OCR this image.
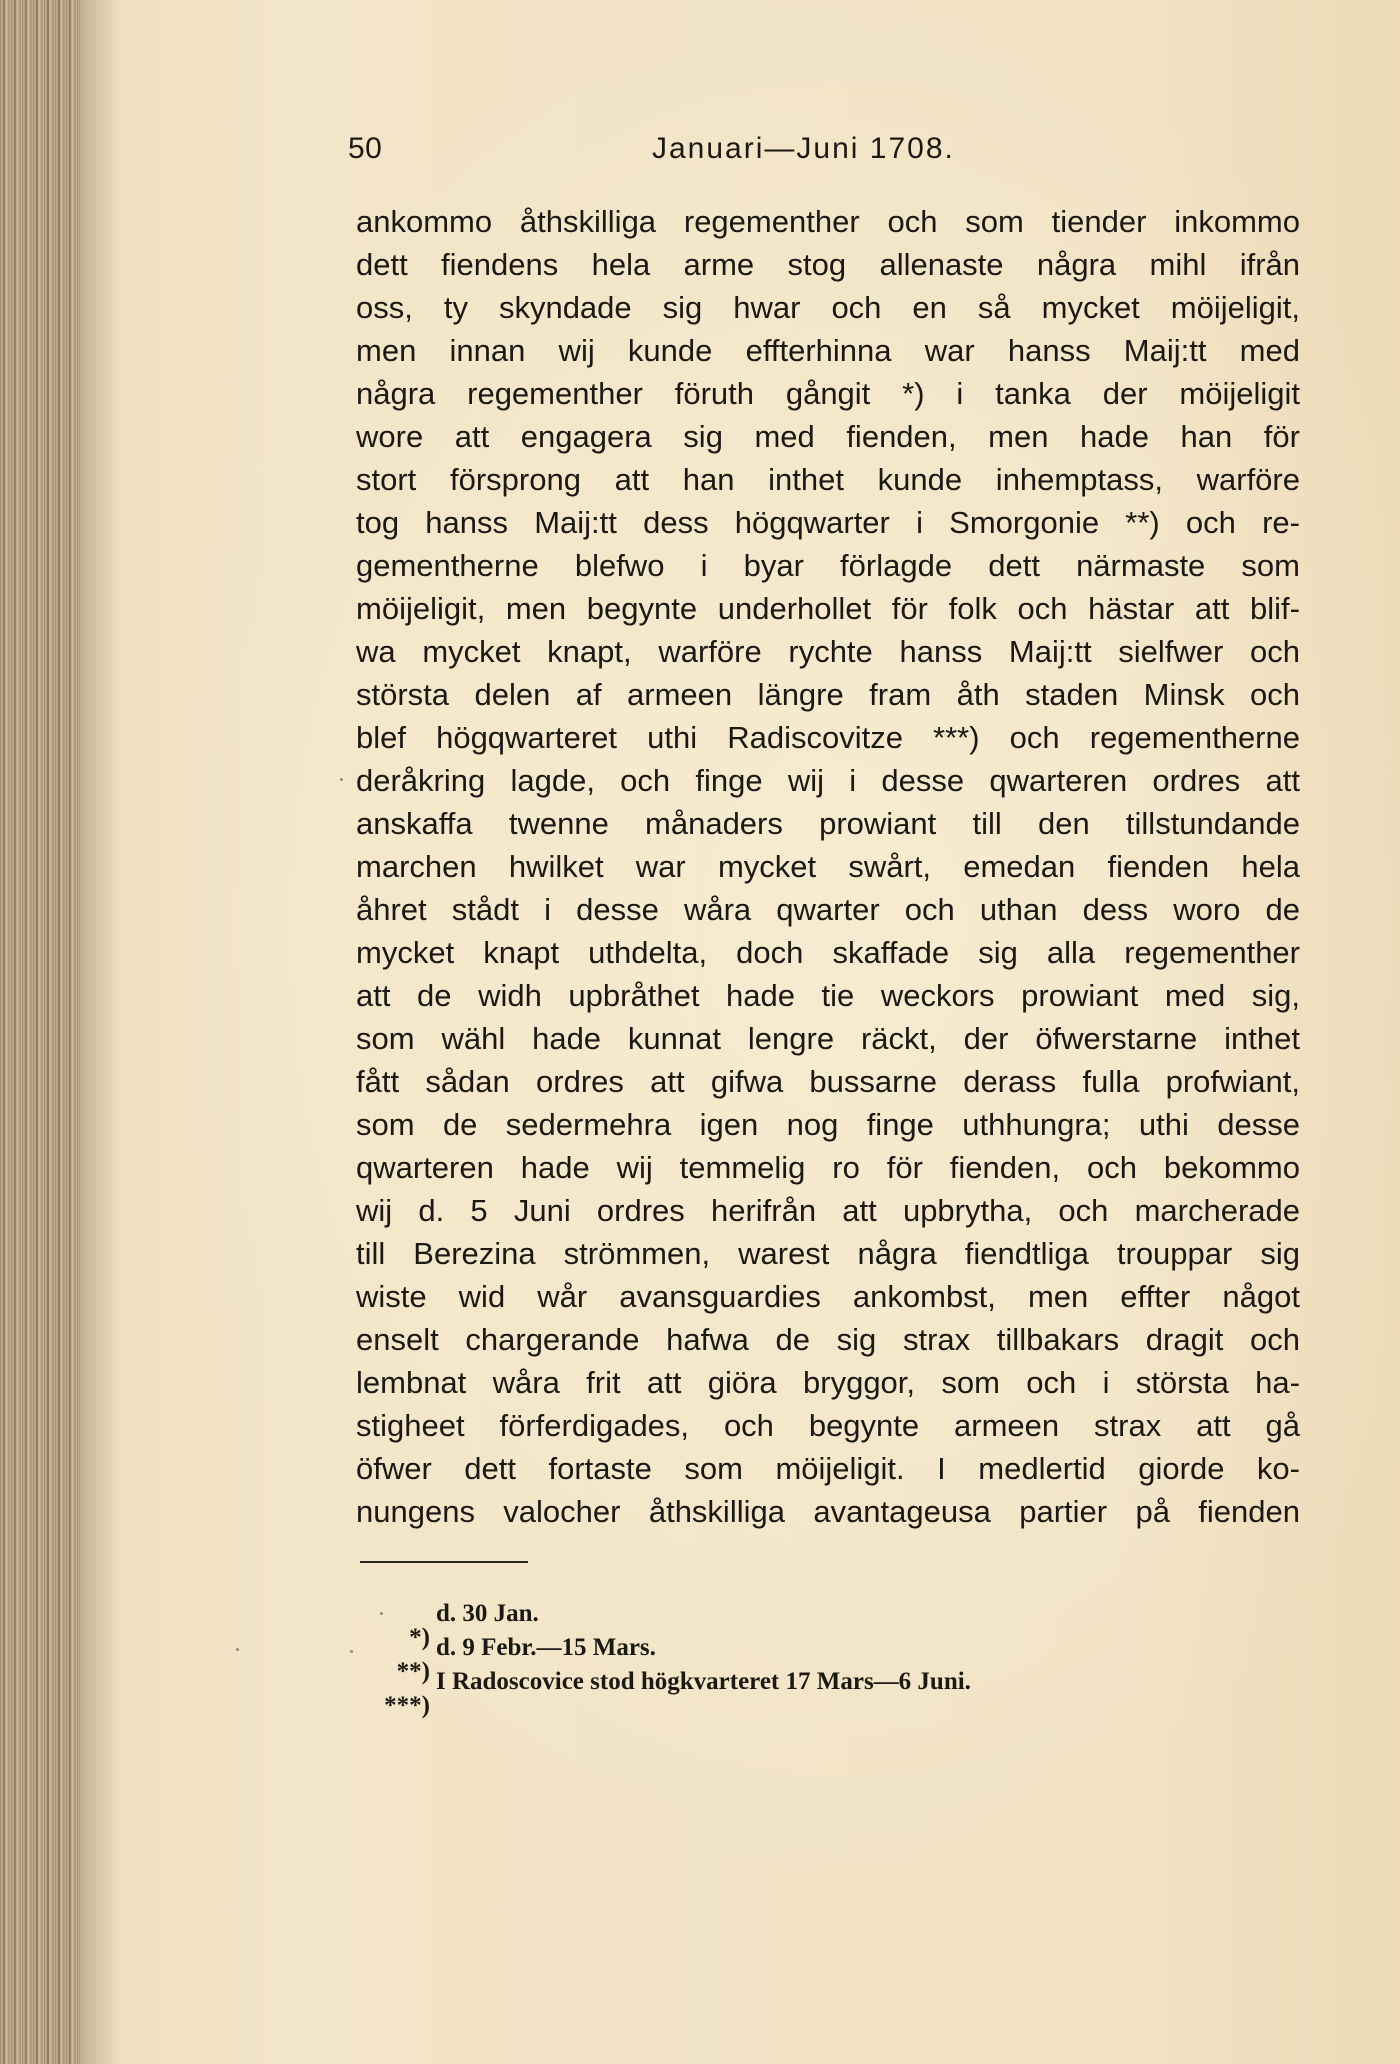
50	Januari—Juni 1708.
ankommo åthskilliga regementher och som tiender inkommo
dett fiendens hela arme stog allenaste några mihl ifrån
oss, ty skyndade sig hwar och en så mycket möijeligit,
men innan wij kunde effterhinna war hanss Maij:tt med
några regementher föruth gångit *) i tanka der möijeligit
wore att engagera sig med fienden, men hade han för
stort försprong att han inthet kunde inhemptass, warföre
tog hanss Maij:tt dess högqwarter i Smorgonie **) och re-
gementherne blefwo i byar förlagde dett närmaste som
möijeligit, men begynte underhollet för folk och hästar att blif-
wa mycket knapt, warföre rychte hanss Maij:tt sielfwer och
största delen af armeen längre fram åth staden Minsk och
blef högqwarteret uthi Radiscovitze ***) och regementherne
deråkring lagde, och finge wij i desse qwarteren ordres att
anskaffa twenne månaders prowiant till den tillstundande
marchen hwilket war mycket swårt, emedan fienden hela
åhret stådt i desse wåra qwarter och uthan dess woro de
mycket knapt uthdelta, doch skaffade sig alla regementher
att de widh upbråthet hade tie weckors prowiant med sig,
som wähl hade kunnat lengre räckt, der öfwerstarne inthet
fått sådan ordres att gifwa bussarne derass fulla profwiant,
som de sedermehra igen nog finge uthhungra; uthi desse
qwarteren hade wij temmelig ro för fienden, och bekommo
wij d. 5 Juni ordres herifrån att upbrytha, och marcherade
till Berezina strömmen, warest några fiendtliga trouppar sig
wiste wid wår avansguardies ankombst, men effter något
enselt chargerande hafwa de sig strax tillbakars dragit och
lembnat wåra frit att giöra bryggor, som och i största ha-
stigheet förferdigades, och begynte armeen strax att gå
öfwer dett fortaste som möijeligit. I medlertid giorde ko-
nungens valocher åthskilliga avantageusa partier på fienden
*)
d. 30 Jan.
**)
d. 9 Febr.—15 Mars.
***)
I Radoscovice stod högkvarteret 17 Mars—6 Juni.
